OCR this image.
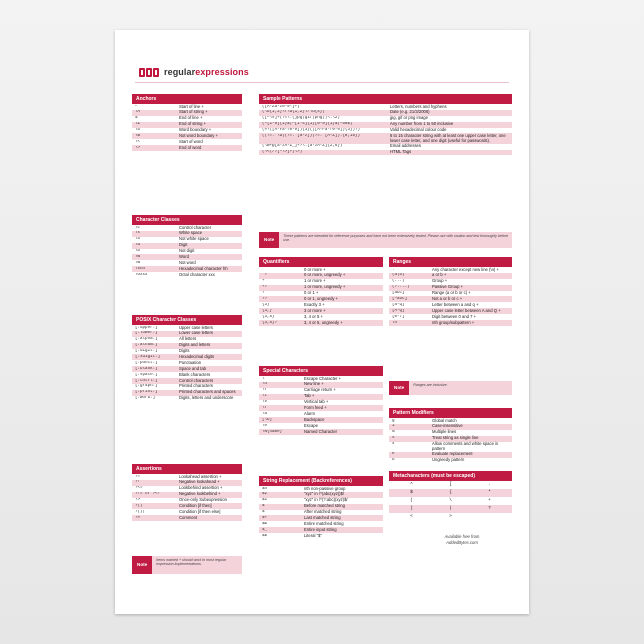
regularexpressions
Anchors
^	Start of line +
\A	Start of string +
$	End of line +
\Z	End of string +
\b	Word boundary +
\B	Not word boundary +
\<	Start of word
\>	End of word
Character Classes
\c	Control character
\s	White space
\S	Not white space
\d	Digit
\D	Not digit
\w	Word
\W	Not word
\xhh	Hexadecimal character hh
\Oxxx	Octal character xxx
POSIX Character Classes
[:upper:]	Upper case letters
[:lower:]	Lower case letters
[:alpha:]	All letters
[:alnum:]	Digits and letters
[:digit:]	Digits
[:xdigit:]	Hexadecimal digits
[:punct:]	Punctuation
[:blank:]	Space and tab
[:space:]	Blank characters
[:cntrl:]	Control characters
[:graph:]	Printed characters
[:print:]	Printed characters and spaces
[:word:]	Digits, letters and underscore
Assertions
?=	Lookahead assertion +
?!	Negative lookahead +
?<=	Lookbehind assertion +
?!= or ?<!	Negative lookbehind +
?>	Once-only Subexpression
?()	Condition [if then]
?()|	Condition [if then else]
?#	Comment
Note
Items marked + should work in most regular expression implementations.
Sample Patterns
([A-Za-z0-9-]+)	Letters, numbers and hyphens
(\d{1,2}\/\d{1,2}\/\d{4})	Date (e.g. 21/3/2006)
([^\s]+(?=\.(jpg|gif|png))\.\2)	jpg, gif or png image
(^[1-9]{1}$|^[1-4]{1}[0-9]{1}$|^50$)	Any number from 1 to 50 inclusive
(#?([A-Fa-f0-9]){3}(([A-Fa-f0-9]){3})?)	Valid hexadecimal colour code
((?=.*\d)(?=.*[a-z])(?=.*[A-Z]).{8,15})	8 to 15 character string with at least one upper case letter, one lower case letter, and one digit (useful for passwords).
(\w+@[a-zA-Z_]+?\.[a-zA-Z]{2,6})	Email addresses
(\<(/?[^\>]+)\>)	HTML Tags
Note
These patterns are intended for reference purposes and have not been extensively tested. Please use with caution and test thoroughly before use.
Quantifiers
*	0 or more +
*?	0 or more, ungreedy +
+	1 or more +
+?	1 or more, ungreedy +
?	0 or 1 +
??	0 or 1, ungreedy +
{3}	Exactly 3 +
{3,}	3 or more +
{3,5}	3, 4 or 5 +
{3,5}?	3, 4 or 5, ungreedy +
Special Characters
\	Escape Character +
\n	New line +
\r	Carriage return +
\t	Tab +
\v	Vertical tab +
\f	Form feed +
\a	Alarm
[\b]	Backspace
\e	Escape
\N{name}	Named Character
String Replacement (Backreferences)
$n	nth non-passive group
$2	"xyz" in /^(abc(xyz))$/
$1	"xyz" in /^(?:abc)(xyz)$/
$`	Before matched string
$'	After matched string
$+	Last matched string
$&	Entire matched string
$_	Entire input string
$$	Literal "$"
Ranges
.	Any character except new line (\n) +
(a|b)	a or b +
(...)	Group +
(?:...)	Passive Group +
[abc]	Range (a or b or c) +
[^abc]	Not a or b or c +
[a-q]	Letter between a and q +
[A-Q]	Upper case letter between A and Q +
[0-7]	Digit between 0 and 7 +
\n	nth group/subpattern +
Note
Ranges are inclusive.
Pattern Modifiers
g	Global match
i	Case-insensitive
m	Multiple lines
s	Treat string as single line
x	Allow comments and white space in pattern
e	Evaluate replacement
U	Ungreedy pattern
Metacharacters (must be escaped)
^	[	.
$	{	*
(	\	+
)	|	?
<	>
Available free from
AddedBytes.com
